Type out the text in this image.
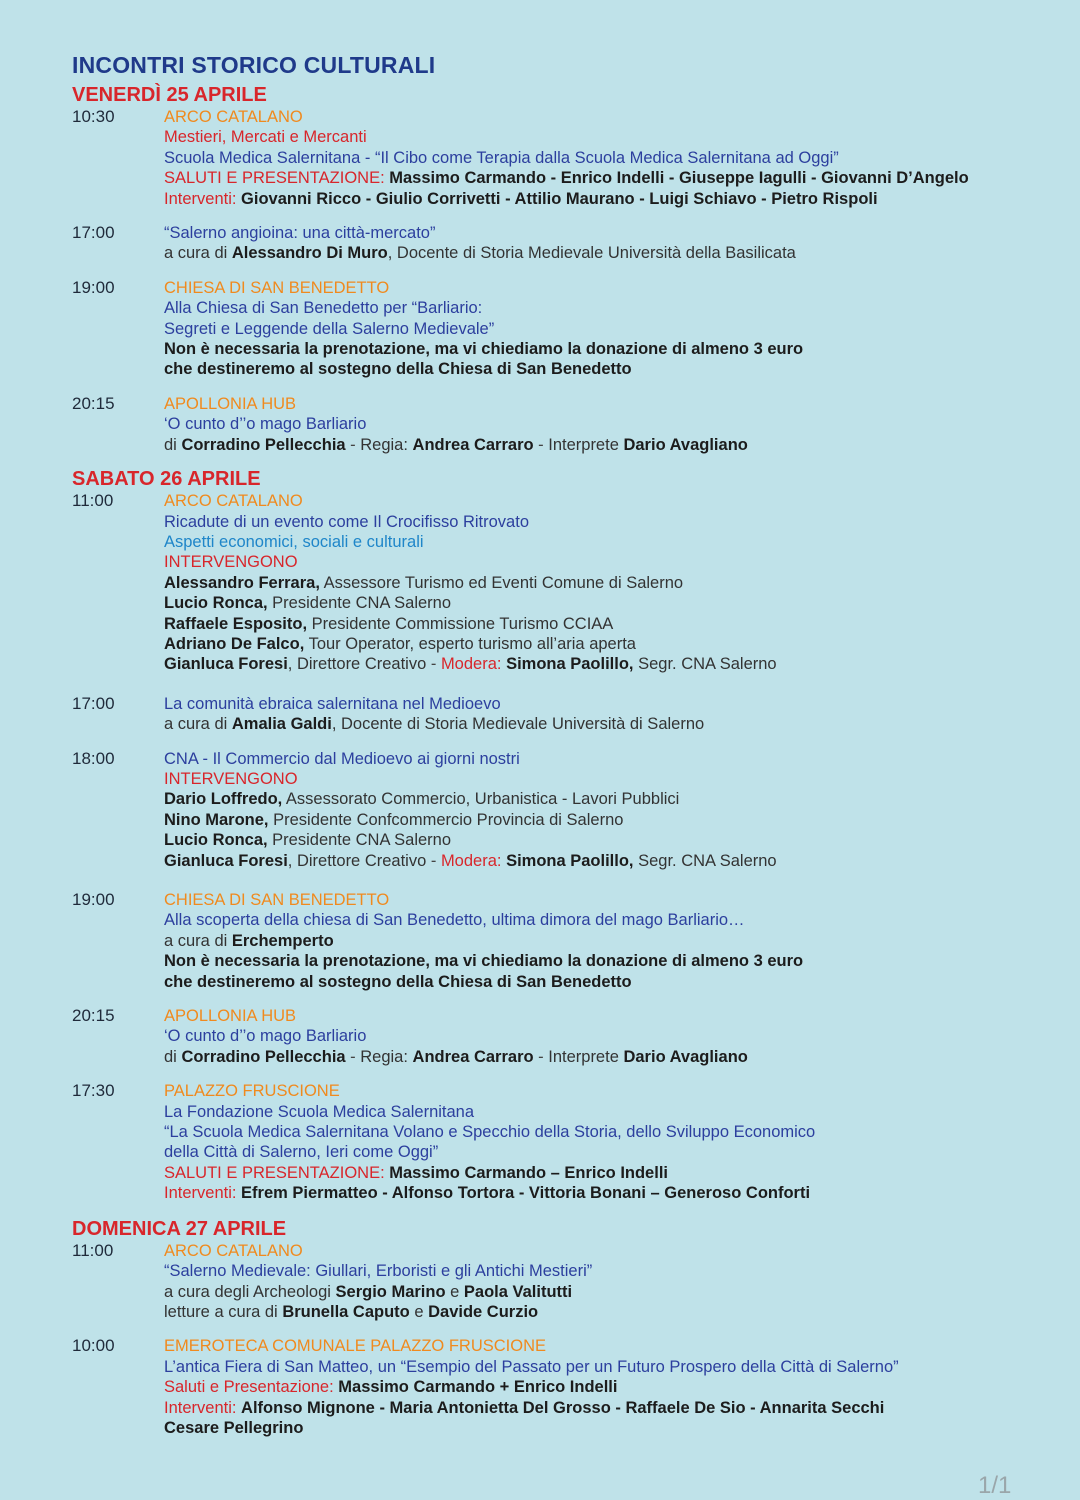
INCONTRI STORICO CULTURALI
VENERDÌ 25 APRILE
10:30	ARCO CATALANO
Mestieri, Mercati e Mercanti
Scuola Medica Salernitana - “Il Cibo come Terapia dalla Scuola Medica Salernitana ad Oggi”
SALUTI E PRESENTAZIONE: Massimo Carmando - Enrico Indelli - Giuseppe Iagulli - Giovanni D’Angelo
Interventi: Giovanni Ricco - Giulio Corrivetti - Attilio Maurano - Luigi Schiavo - Pietro Rispoli
17:00	“Salerno angioina: una città-mercato”
a cura di Alessandro Di Muro, Docente di Storia Medievale Università della Basilicata
19:00	CHIESA DI SAN BENEDETTO
Alla Chiesa di San Benedetto per “Barliario:
Segreti e Leggende della Salerno Medievale”
Non è necessaria la prenotazione, ma vi chiediamo la donazione di almeno 3 euro
che destineremo al sostegno della Chiesa di San Benedetto
20:15	APOLLONIA HUB
‘O cunto d’’o mago Barliario
di Corradino Pellecchia - Regia: Andrea Carraro - Interprete Dario Avagliano
SABATO 26 APRILE
11:00	ARCO CATALANO
Ricadute di un evento come Il Crocifisso Ritrovato
Aspetti economici, sociali e culturali
INTERVENGONO
Alessandro Ferrara, Assessore Turismo ed Eventi Comune di Salerno
Lucio Ronca, Presidente CNA Salerno
Raffaele Esposito, Presidente Commissione Turismo CCIAA
Adriano De Falco, Tour Operator, esperto turismo all’aria aperta
Gianluca Foresi, Direttore Creativo - Modera: Simona Paolillo, Segr. CNA Salerno
17:00	La comunità ebraica salernitana nel Medioevo
a cura di Amalia Galdi, Docente di Storia Medievale Università di Salerno
18:00	CNA - Il Commercio dal Medioevo ai giorni nostri
INTERVENGONO
Dario Loffredo, Assessorato Commercio, Urbanistica - Lavori Pubblici
Nino Marone, Presidente Confcommercio Provincia di Salerno
Lucio Ronca, Presidente CNA Salerno
Gianluca Foresi, Direttore Creativo - Modera: Simona Paolillo, Segr. CNA Salerno
19:00	CHIESA DI SAN BENEDETTO
Alla scoperta della chiesa di San Benedetto, ultima dimora del mago Barliario…
a cura di Erchemperto
Non è necessaria la prenotazione, ma vi chiediamo la donazione di almeno 3 euro
che destineremo al sostegno della Chiesa di San Benedetto
20:15	APOLLONIA HUB
‘O cunto d’’o mago Barliario
di Corradino Pellecchia - Regia: Andrea Carraro - Interprete Dario Avagliano
17:30	PALAZZO FRUSCIONE
La Fondazione Scuola Medica Salernitana
“La Scuola Medica Salernitana Volano e Specchio della Storia, dello Sviluppo Economico
della Città di Salerno, Ieri come Oggi”
SALUTI E PRESENTAZIONE: Massimo Carmando – Enrico Indelli
Interventi: Efrem Piermatteo - Alfonso Tortora - Vittoria Bonani – Generoso Conforti
DOMENICA 27 APRILE
11:00	ARCO CATALANO
“Salerno Medievale: Giullari, Erboristi e gli Antichi Mestieri”
a cura degli Archeologi Sergio Marino e Paola Valitutti
letture a cura di Brunella Caputo e Davide Curzio
10:00	EMEROTECA COMUNALE PALAZZO FRUSCIONE
L’antica Fiera di San Matteo, un “Esempio del Passato per un Futuro Prospero della Città di Salerno”
Saluti e Presentazione: Massimo Carmando + Enrico Indelli
Interventi: Alfonso Mignone - Maria Antonietta Del Grosso - Raffaele De Sio - Annarita Secchi
Cesare Pellegrino
1/1
